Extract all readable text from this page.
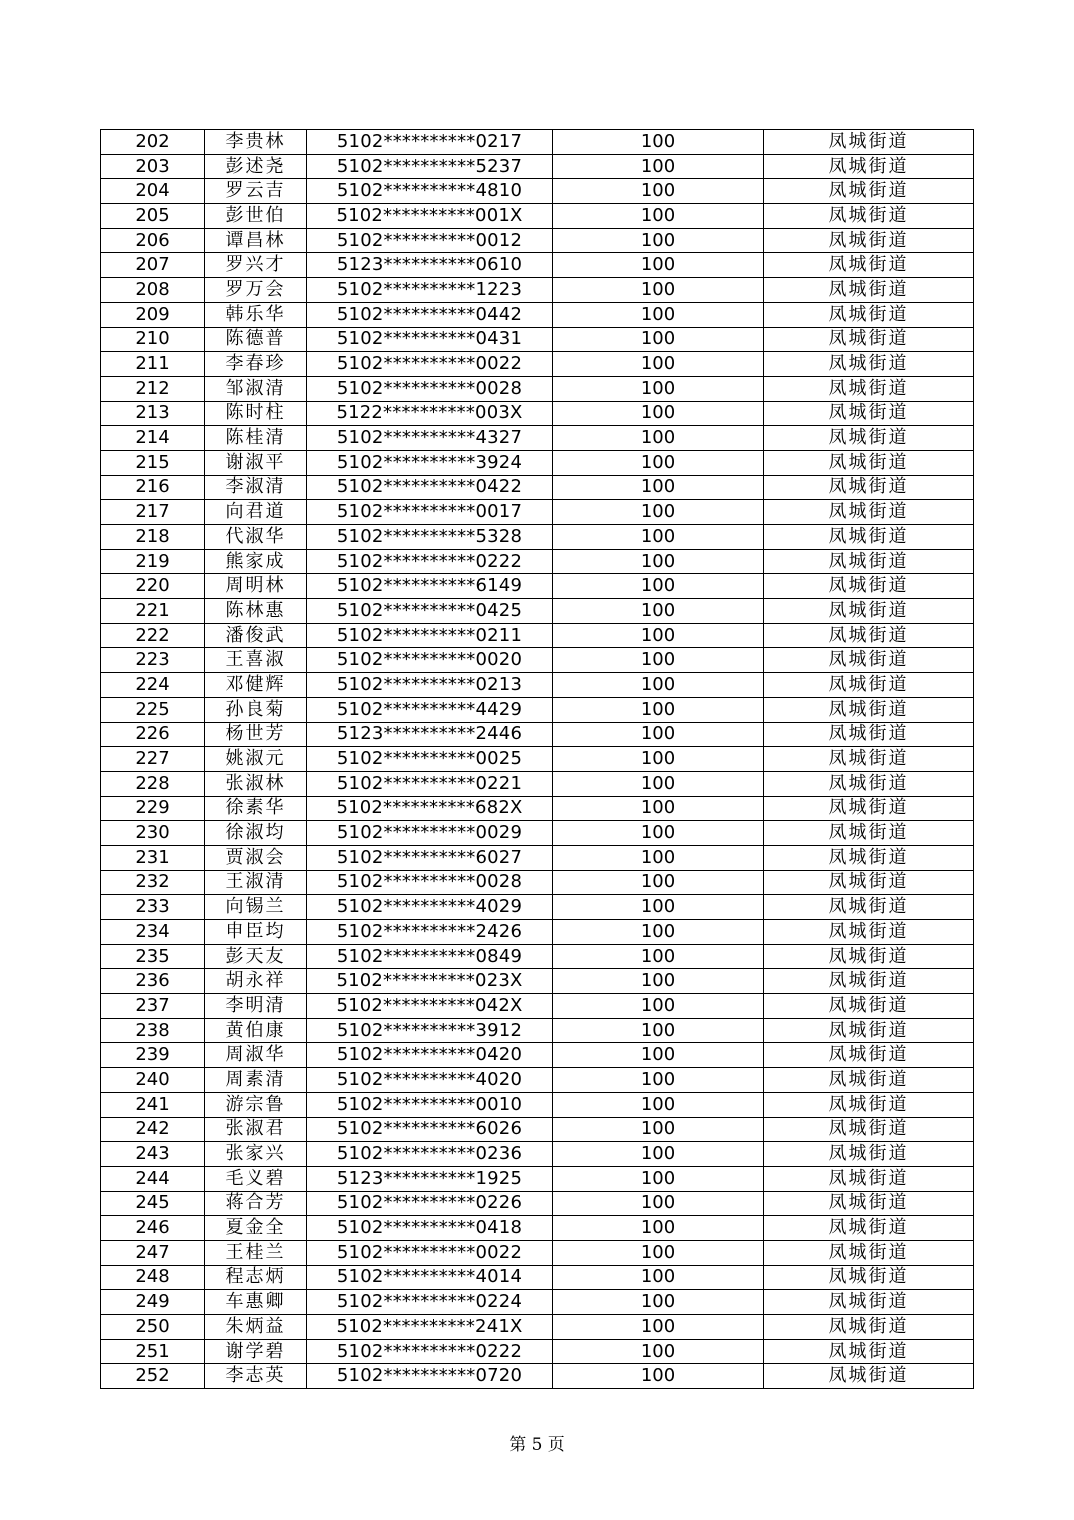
202	李贵林	5102**********0217	100	凤城街道
203	彭述尧	5102**********5237	100	凤城街道
204	罗云吉	5102**********4810	100	凤城街道
205	彭世伯	5102**********001X	100	凤城街道
206	谭昌林	5102**********0012	100	凤城街道
207	罗兴才	5123**********0610	100	凤城街道
208	罗万会	5102**********1223	100	凤城街道
209	韩乐华	5102**********0442	100	凤城街道
210	陈德普	5102**********0431	100	凤城街道
211	李春珍	5102**********0022	100	凤城街道
212	邹淑清	5102**********0028	100	凤城街道
213	陈时柱	5122**********003X	100	凤城街道
214	陈桂清	5102**********4327	100	凤城街道
215	谢淑平	5102**********3924	100	凤城街道
216	李淑清	5102**********0422	100	凤城街道
217	向君道	5102**********0017	100	凤城街道
218	代淑华	5102**********5328	100	凤城街道
219	熊家成	5102**********0222	100	凤城街道
220	周明林	5102**********6149	100	凤城街道
221	陈林惠	5102**********0425	100	凤城街道
222	潘俊武	5102**********0211	100	凤城街道
223	王喜淑	5102**********0020	100	凤城街道
224	邓健辉	5102**********0213	100	凤城街道
225	孙良菊	5102**********4429	100	凤城街道
226	杨世芳	5123**********2446	100	凤城街道
227	姚淑元	5102**********0025	100	凤城街道
228	张淑林	5102**********0221	100	凤城街道
229	徐素华	5102**********682X	100	凤城街道
230	徐淑均	5102**********0029	100	凤城街道
231	贾淑会	5102**********6027	100	凤城街道
232	王淑清	5102**********0028	100	凤城街道
233	向锡兰	5102**********4029	100	凤城街道
234	申臣均	5102**********2426	100	凤城街道
235	彭天友	5102**********0849	100	凤城街道
236	胡永祥	5102**********023X	100	凤城街道
237	李明清	5102**********042X	100	凤城街道
238	黄伯康	5102**********3912	100	凤城街道
239	周淑华	5102**********0420	100	凤城街道
240	周素清	5102**********4020	100	凤城街道
241	游宗鲁	5102**********0010	100	凤城街道
242	张淑君	5102**********6026	100	凤城街道
243	张家兴	5102**********0236	100	凤城街道
244	毛义碧	5123**********1925	100	凤城街道
245	蒋合芳	5102**********0226	100	凤城街道
246	夏金全	5102**********0418	100	凤城街道
247	王桂兰	5102**********0022	100	凤城街道
248	程志炳	5102**********4014	100	凤城街道
249	车惠卿	5102**********0224	100	凤城街道
250	朱炳益	5102**********241X	100	凤城街道
251	谢学碧	5102**********0222	100	凤城街道
252	李志英	5102**********0720	100	凤城街道
第 5 页
